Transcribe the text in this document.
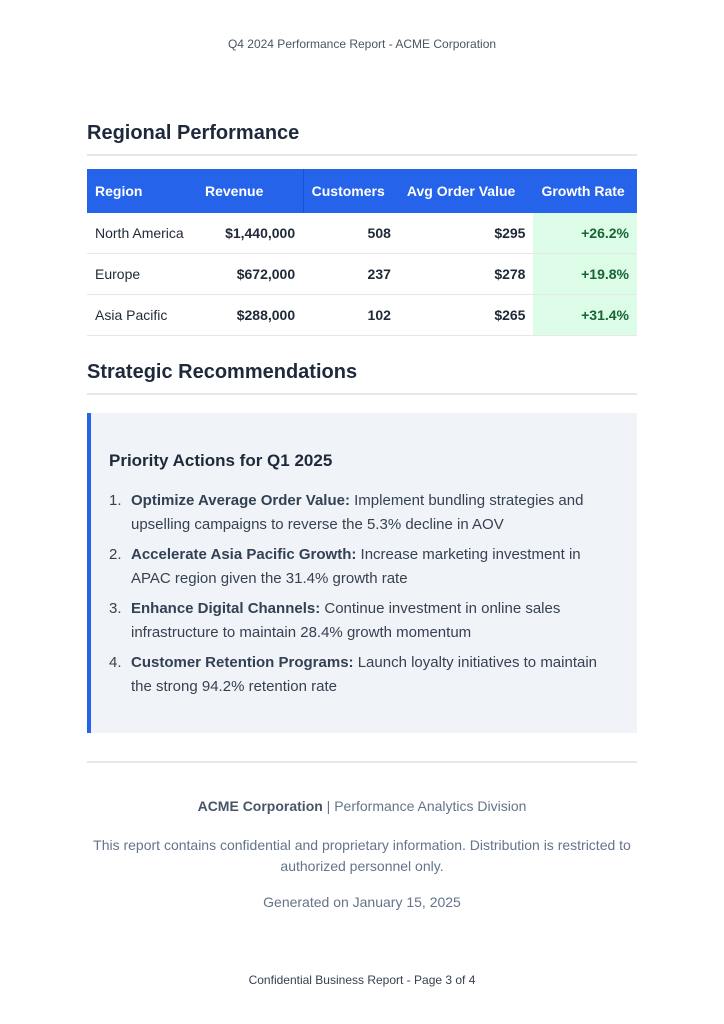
Q4 2024 Performance Report - ACME Corporation
Regional Performance
Region	Revenue	Customers	Avg Order Value	Growth Rate
North America	$1,440,000	508	$295	+26.2%
Europe	$672,000	237	$278	+19.8%
Asia Pacific	$288,000	102	$265	+31.4%
Strategic Recommendations
Priority Actions for Q1 2025
1. Optimize Average Order Value: Implement bundling strategies and upselling campaigns to reverse the 5.3% decline in AOV
2. Accelerate Asia Pacific Growth: Increase marketing investment in APAC region given the 31.4% growth rate
3. Enhance Digital Channels: Continue investment in online sales infrastructure to maintain 28.4% growth momentum
4. Customer Retention Programs: Launch loyalty initiatives to maintain the strong 94.2% retention rate
ACME Corporation | Performance Analytics Division
This report contains confidential and proprietary information. Distribution is restricted to authorized personnel only.
Generated on January 15, 2025
Confidential Business Report - Page 3 of 4
